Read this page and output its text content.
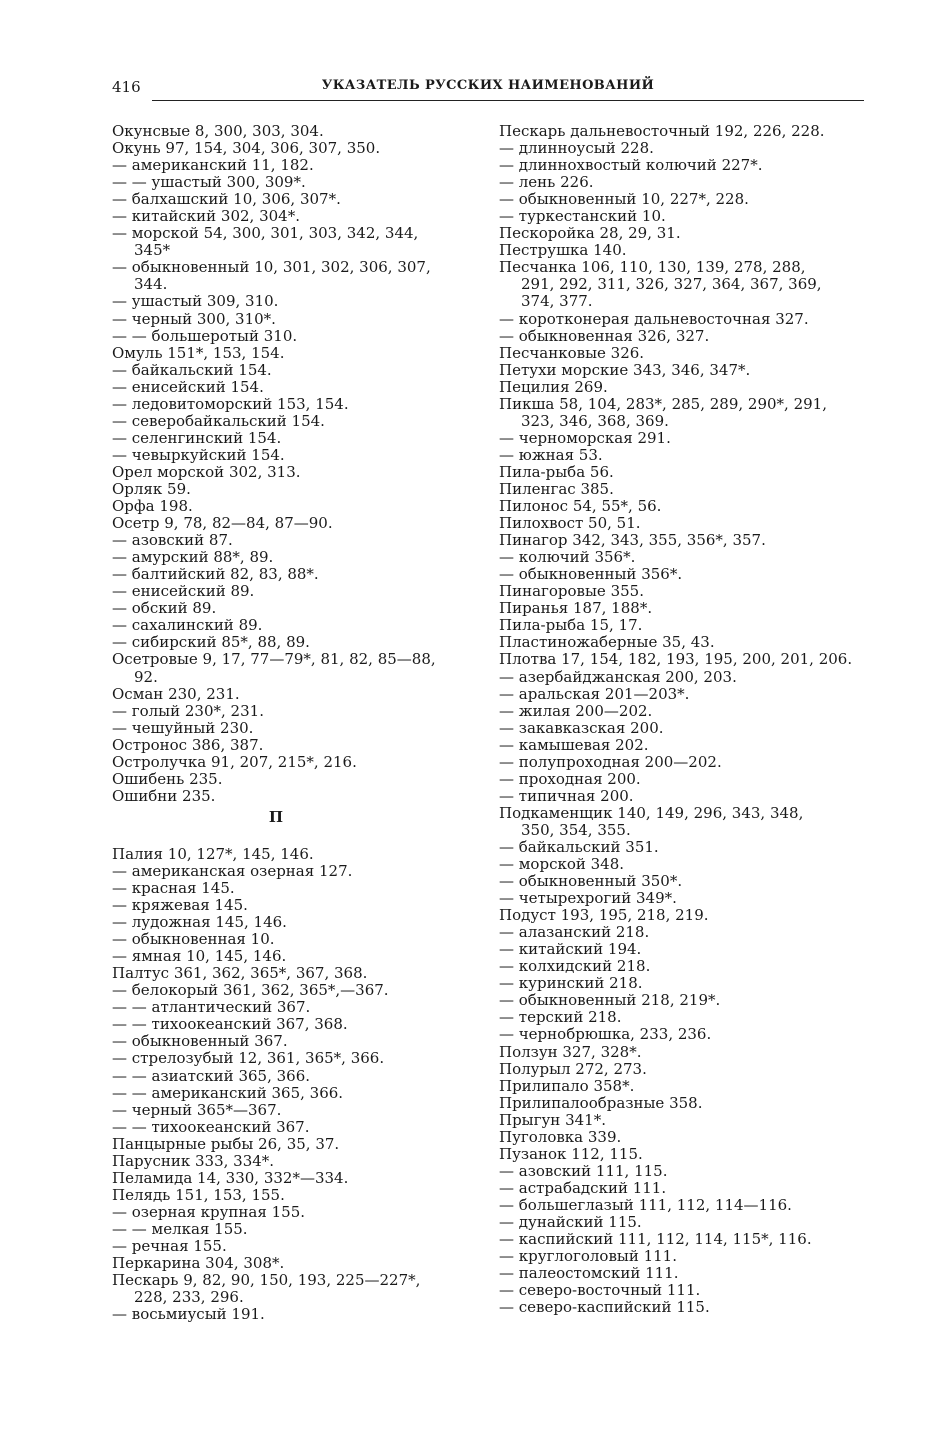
416	УКАЗАТЕЛЬ РУССКИХ НАИМЕНОВАНИЙ
Окунсвые 8, 300, 303, 304.
Окунь 97, 154, 304, 306, 307, 350.
— американский 11, 182.
— — ушастый 300, 309*.
— балхашский 10, 306, 307*.
— китайский 302, 304*.
— морской 54, 300, 301, 303, 342, 344,
345*
— обыкновенный 10, 301, 302, 306, 307,
344.
— ушастый 309, 310.
— черный 300, 310*.
— — большеротый 310.
Омуль 151*, 153, 154.
— байкальский 154.
— енисейский 154.
— ледовитоморский 153, 154.
— северобайкальский 154.
— селенгинский 154.
— чевыркуйский 154.
Орел морской 302, 313.
Орляк 59.
Орфа 198.
Осетр 9, 78, 82—84, 87—90.
— азовский 87.
— амурский 88*, 89.
— балтийский 82, 83, 88*.
— енисейский 89.
— обский 89.
— сахалинский 89.
— сибирский 85*, 88, 89.
Осетровые 9, 17, 77—79*, 81, 82, 85—88,
92.
Осман 230, 231.
— голый 230*, 231.
— чешуйный 230.
Остронос 386, 387.
Остролучка 91, 207, 215*, 216.
Ошибень 235.
Ошибни 235.
П
Палия 10, 127*, 145, 146.
— американская озерная 127.
— красная 145.
— кряжевая 145.
— лудожная 145, 146.
— обыкновенная 10.
— ямная 10, 145, 146.
Палтус 361, 362, 365*, 367, 368.
— белокорый 361, 362, 365*,—367.
— — атлантический 367.
— — тихоокеанский 367, 368.
— обыкновенный 367.
— стрелозубый 12, 361, 365*, 366.
— — азиатский 365, 366.
— — американский 365, 366.
— черный 365*—367.
— — тихоокеанский 367.
Панцырные рыбы 26, 35, 37.
Парусник 333, 334*.
Пеламида 14, 330, 332*—334.
Пелядь 151, 153, 155.
— озерная крупная 155.
— — мелкая 155.
— речная 155.
Перкарина 304, 308*.
Пескарь 9, 82, 90, 150, 193, 225—227*,
228, 233, 296.
— восьмиусый 191.
Пескарь дальневосточный 192, 226, 228.
— длинноусый 228.
— длиннохвостый колючий 227*.
— лень 226.
— обыкновенный 10, 227*, 228.
— туркестанский 10.
Пескоройка 28, 29, 31.
Пеструшка 140.
Песчанка 106, 110, 130, 139, 278, 288,
291, 292, 311, 326, 327, 364, 367, 369,
374, 377.
— коротконерая дальневосточная 327.
— обыкновенная 326, 327.
Песчанковые 326.
Петухи морские 343, 346, 347*.
Пецилия 269.
Пикша 58, 104, 283*, 285, 289, 290*, 291,
323, 346, 368, 369.
— черноморская 291.
— южная 53.
Пила-рыба 56.
Пиленгас 385.
Пилонос 54, 55*, 56.
Пилохвост 50, 51.
Пинагор 342, 343, 355, 356*, 357.
— колючий 356*.
— обыкновенный 356*.
Пинагоровые 355.
Пиранья 187, 188*.
Пила-рыба 15, 17.
Пластиножаберные 35, 43.
Плотва 17, 154, 182, 193, 195, 200, 201, 206.
— азербайджанская 200, 203.
— аральская 201—203*.
— жилая 200—202.
— закавказская 200.
— камышевая 202.
— полупроходная 200—202.
— проходная 200.
— типичная 200.
Подкаменщик 140, 149, 296, 343, 348,
350, 354, 355.
— байкальский 351.
— морской 348.
— обыкновенный 350*.
— четырехрогий 349*.
Подуст 193, 195, 218, 219.
— алазанский 218.
— китайский 194.
— колхидский 218.
— куринский 218.
— обыкновенный 218, 219*.
— терский 218.
— чернобрюшка, 233, 236.
Ползун 327, 328*.
Полурыл 272, 273.
Прилипало 358*.
Прилипалообразные 358.
Прыгун 341*.
Пуголовка 339.
Пузанок 112, 115.
— азовский 111, 115.
— астрабадский 111.
— большеглазый 111, 112, 114—116.
— дунайский 115.
— каспийский 111, 112, 114, 115*, 116.
— круглоголовый 111.
— палеостомский 111.
— северо-восточный 111.
— северо-каспийский 115.
